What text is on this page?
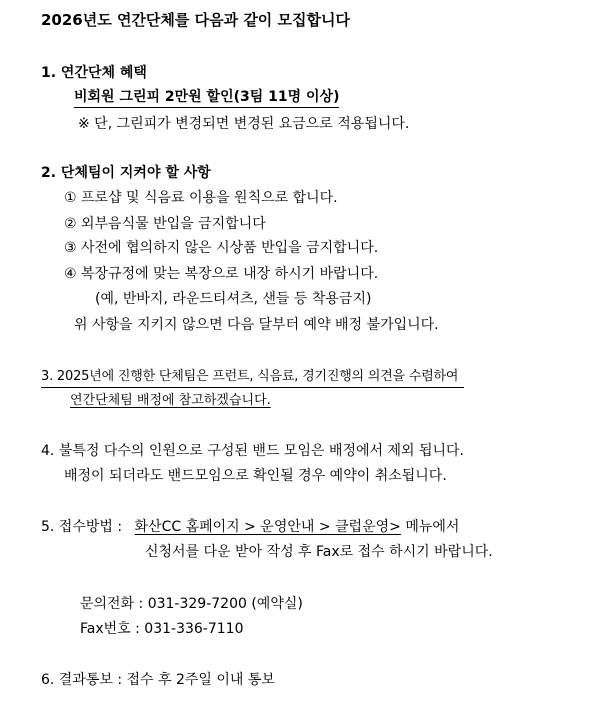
2026년도 연간단체를 다음과 같이 모집합니다
1. 연간단체 혜택
비회원 그린피 2만원 할인(3팀 11명 이상)
※ 단, 그린피가 변경되면 변경된 요금으로 적용됩니다.
2. 단체팀이 지켜야 할 사항
① 프로샵 및 식음료 이용을 원칙으로 합니다.
② 외부음식물 반입을 금지합니다
③ 사전에 협의하지 않은 시상품 반입을 금지합니다.
④ 복장규정에 맞는 복장으로 내장 하시기 바랍니다.
(예, 반바지, 라운드티셔츠, 샌들 등 착용금지)
위 사항을 지키지 않으면 다음 달부터 예약 배정 불가입니다.
3. 2025년에 진행한 단체팀은 프런트, 식음료, 경기진행의 의견을 수렴하여
연간단체팀 배정에 참고하겠습니다.
4. 불특정 다수의 인원으로 구성된 밴드 모임은 배정에서 제외 됩니다.
배정이 되더라도 밴드모임으로 확인될 경우 예약이 취소됩니다.
5. 접수방법 : 화산CC 홈페이지 > 운영안내 > 클럽운영> 메뉴에서
신청서를 다운 받아 작성 후 Fax로 접수 하시기 바랍니다.
문의전화 : 031-329-7200 (예약실)
Fax번호 : 031-336-7110
6. 결과통보 : 접수 후 2주일 이내 통보
